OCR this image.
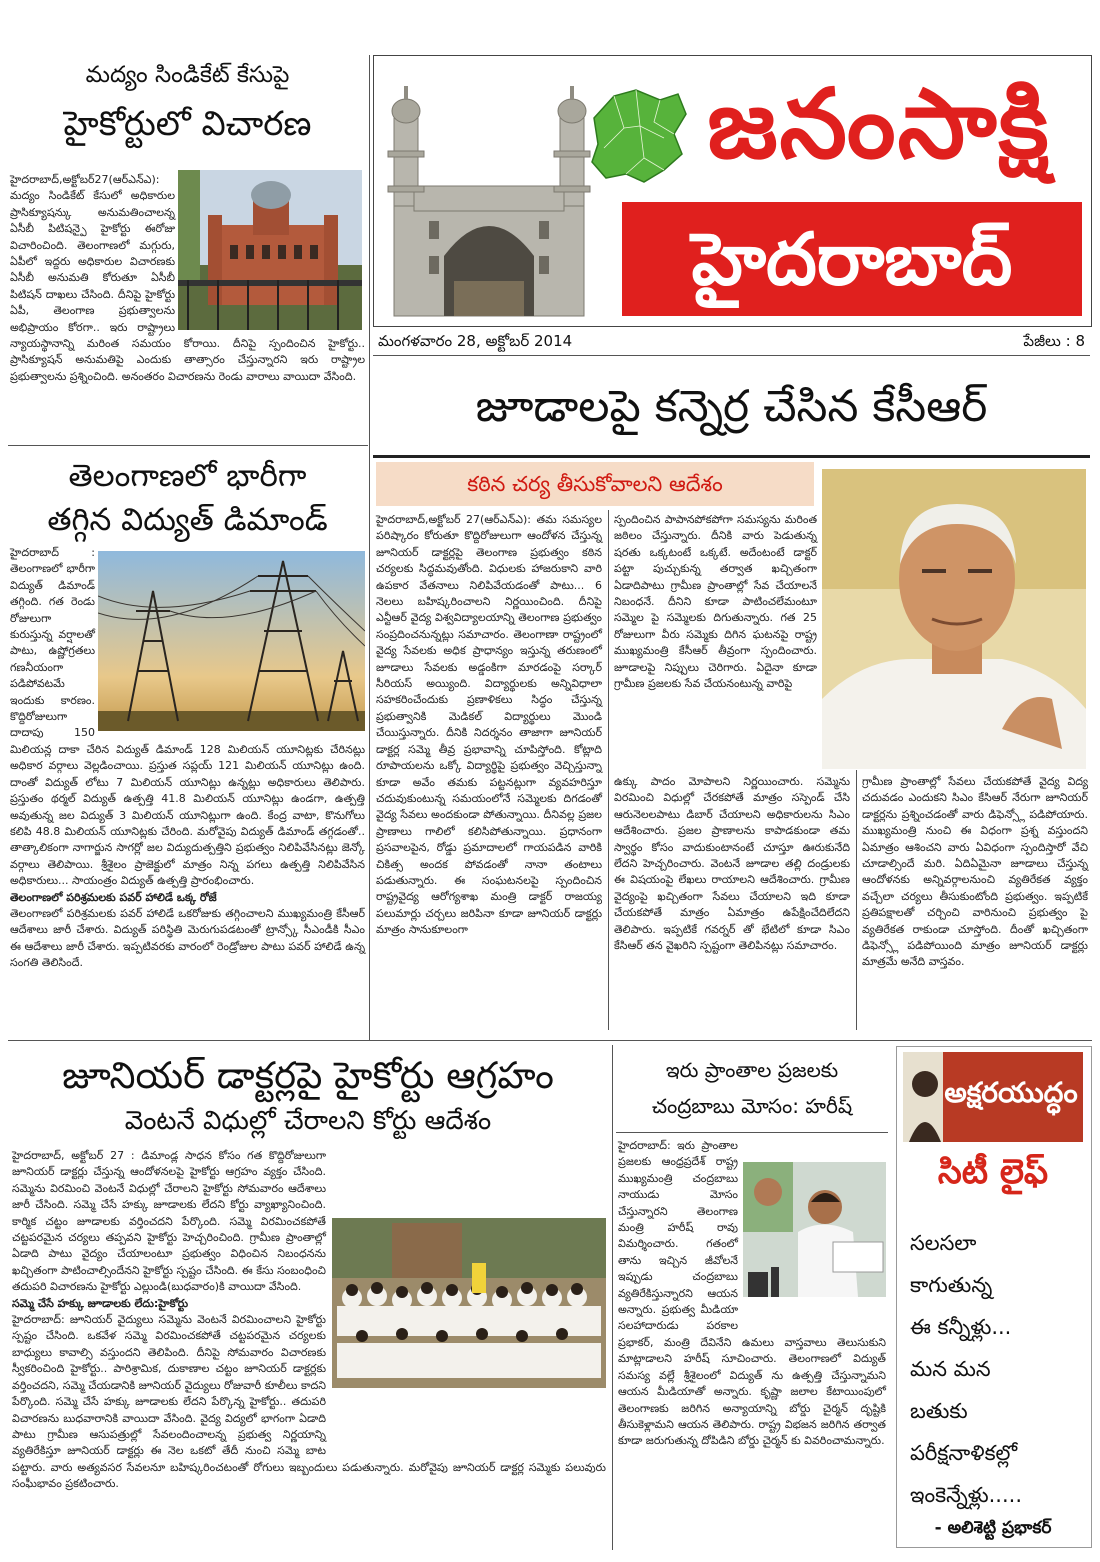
మద్యం సిండికేట్ కేసుపై
హైకోర్టులో విచారణ
హైదరాబాద్,అక్టోబర్27(ఆర్ఎన్ఎ): మద్యం సిండికేట్ కేసులో అధికారుల ప్రాసిక్యూషన్కు అనుమతించాలన్న ఏసీబీ పిటిషన్పై హైకోర్టు ఈరోజు విచారించింది. తెలంగాణలో మగ్గురు, ఏపీలో ఇద్దరు అధికారుల విచారణకు ఏసీబీ అనుమతి కోరుతూ ఏసీబీ పిటిషన్ దాఖలు చేసింది. దీనిపై హైకోర్టు ఏపీ, తెలంగాణ ప్రభుత్వాలను అభిప్రాయం కోరగా.. ఇరు రాష్ట్రాలు న్యాయస్థానాన్ని మరింత సమయం కోరాయి. దీనిపై స్పందించిన హైకోర్టు.. ప్రాసిక్యూషన్ అనుమతిపై ఎందుకు తాత్సారం చేస్తున్నారని ఇరు రాష్ట్రాల ప్రభుత్వాలను ప్రశ్నించింది. అనంతరం విచారణను రెండు వారాలు వాయిదా వేసింది.
తెలంగాణలో భారీగా
తగ్గిన విద్యుత్ డిమాండ్
హైదరాబాద్ : తెలంగాణలో భారీగా విద్యుత్ డిమాండ్ తగ్గింది. గత రెండు రోజులుగా కురుస్తున్న వర్షాలతో పాటు, ఉష్ణోగ్రతలు గణనీయంగా పడిపోవటమే ఇందుకు కారణం. కొద్దిరోజులుగా దాదాపు 150 మిలియన్ల దాకా చేరిన విద్యుత్ డిమాండ్ 128 మిలియన్ యూనిట్లకు చేరినట్లు అధికార వర్గాలు వెల్లడించాయి. ప్రస్తుత సప్లయ్ 121 మిలియన్ యూనిట్లు ఉంది. దాంతో విద్యుత్ లోటు 7 మిలియన్ యూనిట్లు ఉన్నట్లు అధికారులు తెలిపారు. ప్రస్తుతం థర్మల్ విద్యుత్ ఉత్పత్తి 41.8 మిలియన్ యూనిట్లు ఉండగా, ఉత్పత్తి అవుతున్న జల విద్యుత్ 3 మిలియన్ యూనిట్లుగా ఉంది. కేంద్ర వాటా, కొనుగోలు కలిపి 48.8 మిలియన్ యూనిట్లకు చేరింది. మరోవైపు విద్యుత్ డిమాండ్ తగ్గడంతో.. తాత్కాలికంగా నాగార్జున సాగర్లో జల విద్యుదుత్పత్తిని ప్రభుత్వం నిలిపివేసినట్లు జెన్కో వర్గాలు తెలిపాయి. శ్రీశైలం ప్రాజెక్టులో మాత్రం నిన్న పగలు ఉత్పత్తి నిలిపివేసిన అధికారులు... సాయంత్రం విద్యుత్ ఉత్పత్తి ప్రారంభించారు.
తెలంగాణలో పరిశ్రమలకు పవర్ హాలిడే ఒక్క రోజే
తెలంగాణలో పరిశ్రమలకు పవర్ హాలిడే ఒకరోజుకు తగ్గించాలని ముఖ్యమంత్రి కేసీఆర్ ఆదేశాలు జారీ చేశారు. విద్యుత్ పరిస్థితి మెరుగుపడటంతో ట్రాన్స్కో సీఎండీకి సీఎం ఈ ఆదేశాలు జారీ చేశారు. ఇప్పటివరకు వారంలో రెండ్రోజుల పాటు పవర్ హాలిడే ఉన్న సంగతి తెలిసిందే.
జనంసాక్షి
హైదరాబాద్
మంగళవారం 28, అక్టోబర్ 2014	పేజీలు : 8
జూడాలపై కన్నెర్ర చేసిన కేసీఆర్
కఠిన చర్య తీసుకోవాలని ఆదేశం
హైదరాబాద్,అక్టోబర్ 27(ఆర్ఎన్ఎ): తమ సమస్యల పరిష్కారం కోరుతూ కొద్దిరోజులుగా ఆందోళన చేస్తున్న జూనియర్ డాక్టర్లపై తెలంగాణ ప్రభుత్వం కఠిన చర్యలకు సిద్ధమవుతోంది. విధులకు హాజరుకాని వారి ఉపకార వేతనాలు నిలిపివేయడంతో పాటు... 6 నెలలు బహిష్కరించాలని నిర్ణయించింది. దీనిపై ఎన్టీఆర్ వైద్య విశ్వవిద్యాలయాన్ని తెలంగాణ ప్రభుత్వం సంప్రదించనున్నట్లు సమాచారం. తెలంగాణా రాష్ట్రంలో వైద్య సేవలకు అధిక ప్రాధాన్యం ఇస్తున్న తరుణంలో జూడాలు సేవలకు అడ్డంకిగా మారడంపై సర్కార్ సీరియస్ అయ్యింది. విద్యార్థులకు అన్నివిధాలా సహకరించేందుకు ప్రణాళికలు సిద్ధం చేస్తున్న ప్రభుత్వానికి మెడికల్ విద్యార్థులు మొండి చేయిస్తున్నారు. దీనికి నిదర్శనం తాజాగా జూనియర్ డాక్టర్ల సమ్మె తీవ్ర ప్రభావాన్ని చూపిస్తోంది. కోట్లాది రూపాయలను ఒక్కో విద్యార్థిపై ప్రభుత్వం వెచ్చిస్తున్నా కూడా అవేం తమకు పట్టనట్లుగా వ్యవహరిస్తూ చదువుకుంటున్న సమయంలోనే సమ్మెలకు దిగడంతో వైద్య సేవలు అందకుండా పోతున్నాయి. దీనివల్ల ప్రజల ప్రాణాలు గాలిలో కలిసిపోతున్నాయి. ప్రధానంగా ప్రసవాలపైన, రోడ్డు ప్రమాదాలలో గాయపడిన వారికి చికిత్స అందక పోవడంతో నానా తంటాలు పడుతున్నారు. ఈ సంఘటనలపై స్పందించిన రాష్ట్రవైద్య ఆరోగ్యశాఖ మంత్రి డాక్టర్ రాజయ్య పలుమార్లు చర్చలు జరిపినా కూడా జూనియర్ డాక్టర్లు మాత్రం సానుకూలంగా
స్పందించిన పాపానపోకపోగా సమస్యను మరింత జఠిలం చేస్తున్నారు. దీనికి వారు పెడుతున్న షరతు ఒక్కటంటే ఒక్కటే. అదేంటంటే డాక్టర్ పట్టా పుచ్చుకున్న తర్వాత ఖచ్చితంగా ఏడాదిపాటు గ్రామీణ ప్రాంతాల్లో సేవ చేయాలనే నిబంధనే. దీనిని కూడా పాటించలేమంటూ సమ్మెల పై సమ్మెలకు దిగుతున్నారు. గత 25 రోజులుగా వీరు సమ్మెకు దిగిన ఘటనపై రాష్ట్ర ముఖ్యమంత్రి కేసీఆర్ తీవ్రంగా స్పందించారు. జూడాలపై నిప్పులు చెరిగారు. ఏదైనా కూడా గ్రామీణ ప్రజలకు సేవ చేయనంటున్న వారిపై
ఉక్కు పాదం మోపాలని నిర్ణయించారు. సమ్మెను విరమించి విధుల్లో చేరకపోతే మాత్రం సస్పెండ్ చేసి ఆరునెలలపాటు డిబార్ చేయాలని అధికారులను సిఎం ఆదేశించారు. ప్రజల ప్రాణాలను కాపాడకుండా తమ స్వార్థం కోసం వాదుకుంటానంటే చూస్తూ ఊరుకునేది లేదని హెచ్చరించారు. వెంటనే జూడాల తల్లి దండ్రులకు ఈ విషయంపై లేఖలు రాయాలని ఆదేశించారు. గ్రామీణ వైద్యంపై ఖచ్చితంగా సేవలు చేయాలని ఇది కూడా చేయకపోతే మాత్రం ఏమాత్రం ఉపేక్షించేదిలేదని తెలిపారు. ఇప్పటికే గవర్నర్ తో భేటిలో కూడా సిఎం కేసిఆర్ తన వైఖరిని స్పష్టంగా తెలిపినట్లు సమాచారం.
గ్రామీణ ప్రాంతాల్లో సేవలు చేయకపోతే వైద్య విద్య చదువడం ఎందుకని సిఎం కేసిఆర్ నేరుగా జూనియర్ డాక్టర్లను ప్రశ్నించడంతో వారు డిఫెన్స్లో పడిపోయారు. ముఖ్యమంత్రి నుంచి ఈ విధంగా ప్రశ్న వస్తుందని ఏమాత్రం ఆశించని వారు ఏవిధంగా స్పందిస్తారో వేచి చూడాల్సిందే మరి. ఏదిఏమైనా జూడాలు చేస్తున్న ఆందోళనకు అన్నివర్గాలనుంచి వ్యతిరేకత వ్యక్తం వచ్చేలా చర్యలు తీసుకుంటోంది ప్రభుత్వం. ఇప్పటికే ప్రతిపక్షాలతో చర్చించి వారినుంచి ప్రభుత్వం పై వ్యతిరేకత రాకుండా చూస్తోంది. దీంతో ఖచ్చితంగా డిఫెన్స్లో పడిపోయింది మాత్రం జూనియర్ డాక్టర్లు మాత్రమే అనేది వాస్తవం.
జూనియర్ డాక్టర్లపై హైకోర్టు ఆగ్రహం
వెంటనే విధుల్లో చేరాలని కోర్టు ఆదేశం
హైదరాబాద్, అక్టోబర్ 27 : డిమాండ్ల సాధన కోసం గత కొద్దిరోజులుగా జూనియర్ డాక్టర్లు చేస్తున్న ఆందోళనలపై హైకోర్టు ఆగ్రహం వ్యక్తం చేసింది. సమ్మెను విరమించి వెంటనే విధుల్లో చేరాలని హైకోర్టు సోమవారం ఆదేశాలు జారీ చేసింది. సమ్మె చేసే హక్కు జూడాలకు లేదని కోర్టు వ్యాఖ్యానించింది. కార్మిక చట్టం జూడాలకు వర్తించదని పేర్కొంది. సమ్మె విరమించకపోతే చట్టపరమైన చర్యలు తప్పవని హైకోర్టు హెచ్చరించింది. గ్రామీణ ప్రాంతాల్లో ఏడాది పాటు వైద్యం చేయాలంటూ ప్రభుత్వం విధించిన నిబంధనను ఖచ్చితంగా పాటించాల్సిందేనని హైకోర్టు స్పష్టం చేసింది. ఈ కేసు సంబంధించి తదుపరి విచారణను హైకోర్టు ఎల్లుండి(బుధవారం)కి వాయిదా వేసింది.
సమ్మె చేసే హక్కు జూడాలకు లేదు:హైకోర్టు
హైదరాబాద్: జూనియర్ వైద్యులు సమ్మెను వెంటనే విరమించాలని హైకోర్టు స్పష్టం చేసింది. ఒకవేళ సమ్మె విరమించకపోతే చట్టపరమైన చర్యలకు బాధ్యులు కావాల్సి వస్తుందని తెలిపింది. దీనిపై సోమవారం విచారణకు స్వీకరించింది హైకోర్టు.. పారిశ్రామిక, దుకాణాల చట్టం జూనియర్ డాక్టర్లకు వర్తించదని, సమ్మె చేయడానికి జూనియర్ వైద్యులు రోజువారీ కూలీలు కాదని పేర్కొంది. సమ్మె చేసే హక్కు జూడాలకు లేదని పేర్కొన్న హైకోర్టు.. తదుపరి విచారణను బుధవారానికి వాయిదా వేసింది. వైద్య విద్యలో భాగంగా ఏడాది పాటు గ్రామీణ ఆసుపత్రుల్లో సేవలందించాలన్న ప్రభుత్వ నిర్ణయాన్ని వ్యతిరేకిస్తూ జూనియర్ డాక్టర్లు ఈ నెల ఒకటో తేదీ నుంచి సమ్మె బాట పట్టారు. వారు అత్యవసర సేవలనూ బహిష్కరించటంతో రోగులు ఇబ్బందులు పడుతున్నారు. మరోవైపు జూనియర్ డాక్టర్ల సమ్మెకు పలువురు సంఘీభావం ప్రకటించారు.
ఇరు ప్రాంతాల ప్రజలకు
చంద్రబాబు మోసం: హరీష్
హైదరాబాద్: ఇరు ప్రాంతాల ప్రజలకు ఆంధ్రప్రదేశ్ రాష్ట్ర ముఖ్యమంత్రి చంద్రబాబు నాయుడు మోసం చేస్తున్నారని తెలంగాణ మంత్రి హరీష్ రావు విమర్శించారు. గతంలో తాను ఇచ్చిన జీవోలనే ఇప్పుడు చంద్రబాబు వ్యతిరేకిస్తున్నారని ఆయన అన్నారు. ప్రభుత్వ మీడియా సలహాదారుడు పరకాల ప్రభాకర్, మంత్రి దేవినేని ఉమలు వాస్తవాలు తెలుసుకుని మాట్లాడాలని హరీష్ సూచించారు. తెలంగాణలో విద్యుత్ సమస్య వల్లే శ్రీశైలంలో విద్యుత్ ను ఉత్పత్తి చేస్తున్నామని ఆయన మీడియాతో అన్నారు. కృష్ణా జలాల కేటాయింపులో తెలంగాణకు జరిగిన అన్యాయాన్ని బోర్డు చైర్మన్ దృష్టికి తీసుకెళ్లామని ఆయన తెలిపారు. రాష్ట్ర విభజన జరిగిన తర్వాత కూడా జరుగుతున్న దోపిడిని బోర్డు చైర్మన్ కు వివరించామన్నారు.
అక్షరయుద్ధం
సిటీ లైఫ్
సలసలా
కాగుతున్న
ఈ కన్నీళ్లు...
మన మన
బతుకు
పరీక్షనాళికల్లో
ఇంకెన్నేళ్లు.....
- అలిశెట్టి ప్రభాకర్
